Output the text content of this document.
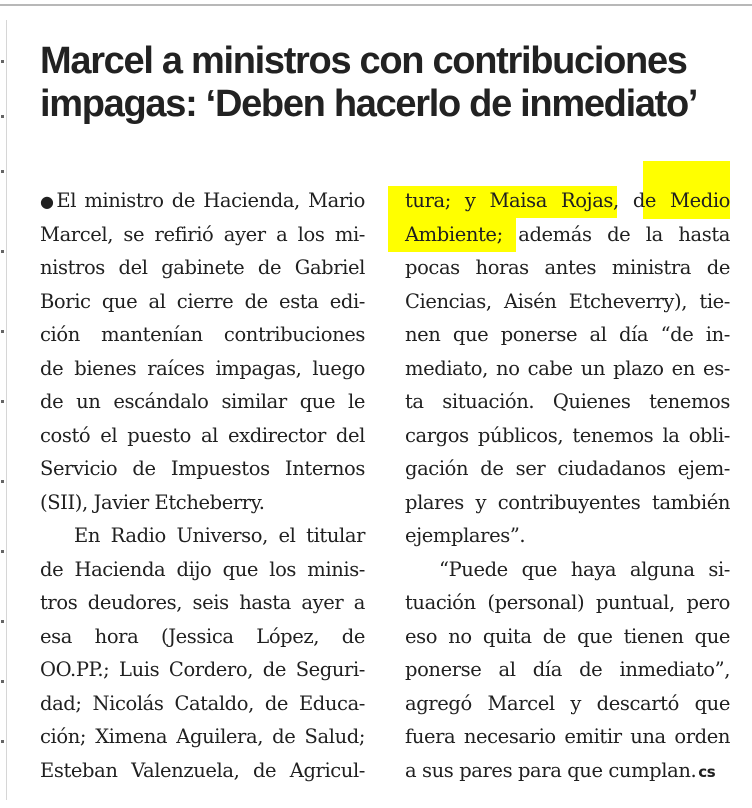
Marcel a ministros con contribuciones
impagas: ‘Deben hacerlo de inmediato’
●El ministro de Hacienda, Mario
Marcel, se refirió ayer a los mi-
nistros del gabinete de Gabriel
Boric que al cierre de esta edi-
ción mantenían contribuciones
de bienes raíces impagas, luego
de un escándalo similar que le
costó el puesto al exdirector del
Servicio de Impuestos Internos
(SII), Javier Etcheberry.
En Radio Universo, el titular
de Hacienda dijo que los minis-
tros deudores, seis hasta ayer a
esa hora (Jessica López, de
OO.PP.; Luis Cordero, de Seguri-
dad; Nicolás Cataldo, de Educa-
ción; Ximena Aguilera, de Salud;
Esteban Valenzuela, de Agricul-
tura; y Maisa Rojas, de Medio
Ambiente; además de la hasta
pocas horas antes ministra de
Ciencias, Aisén Etcheverry), tie-
nen que ponerse al día “de in-
mediato, no cabe un plazo en es-
ta situación. Quienes tenemos
cargos públicos, tenemos la obli-
gación de ser ciudadanos ejem-
plares y contribuyentes también
ejemplares”.
“Puede que haya alguna si-
tuación (personal) puntual, pero
eso no quita de que tienen que
ponerse al día de inmediato”,
agregó Marcel y descartó que
fuera necesario emitir una orden
a sus pares para que cumplan. cs
